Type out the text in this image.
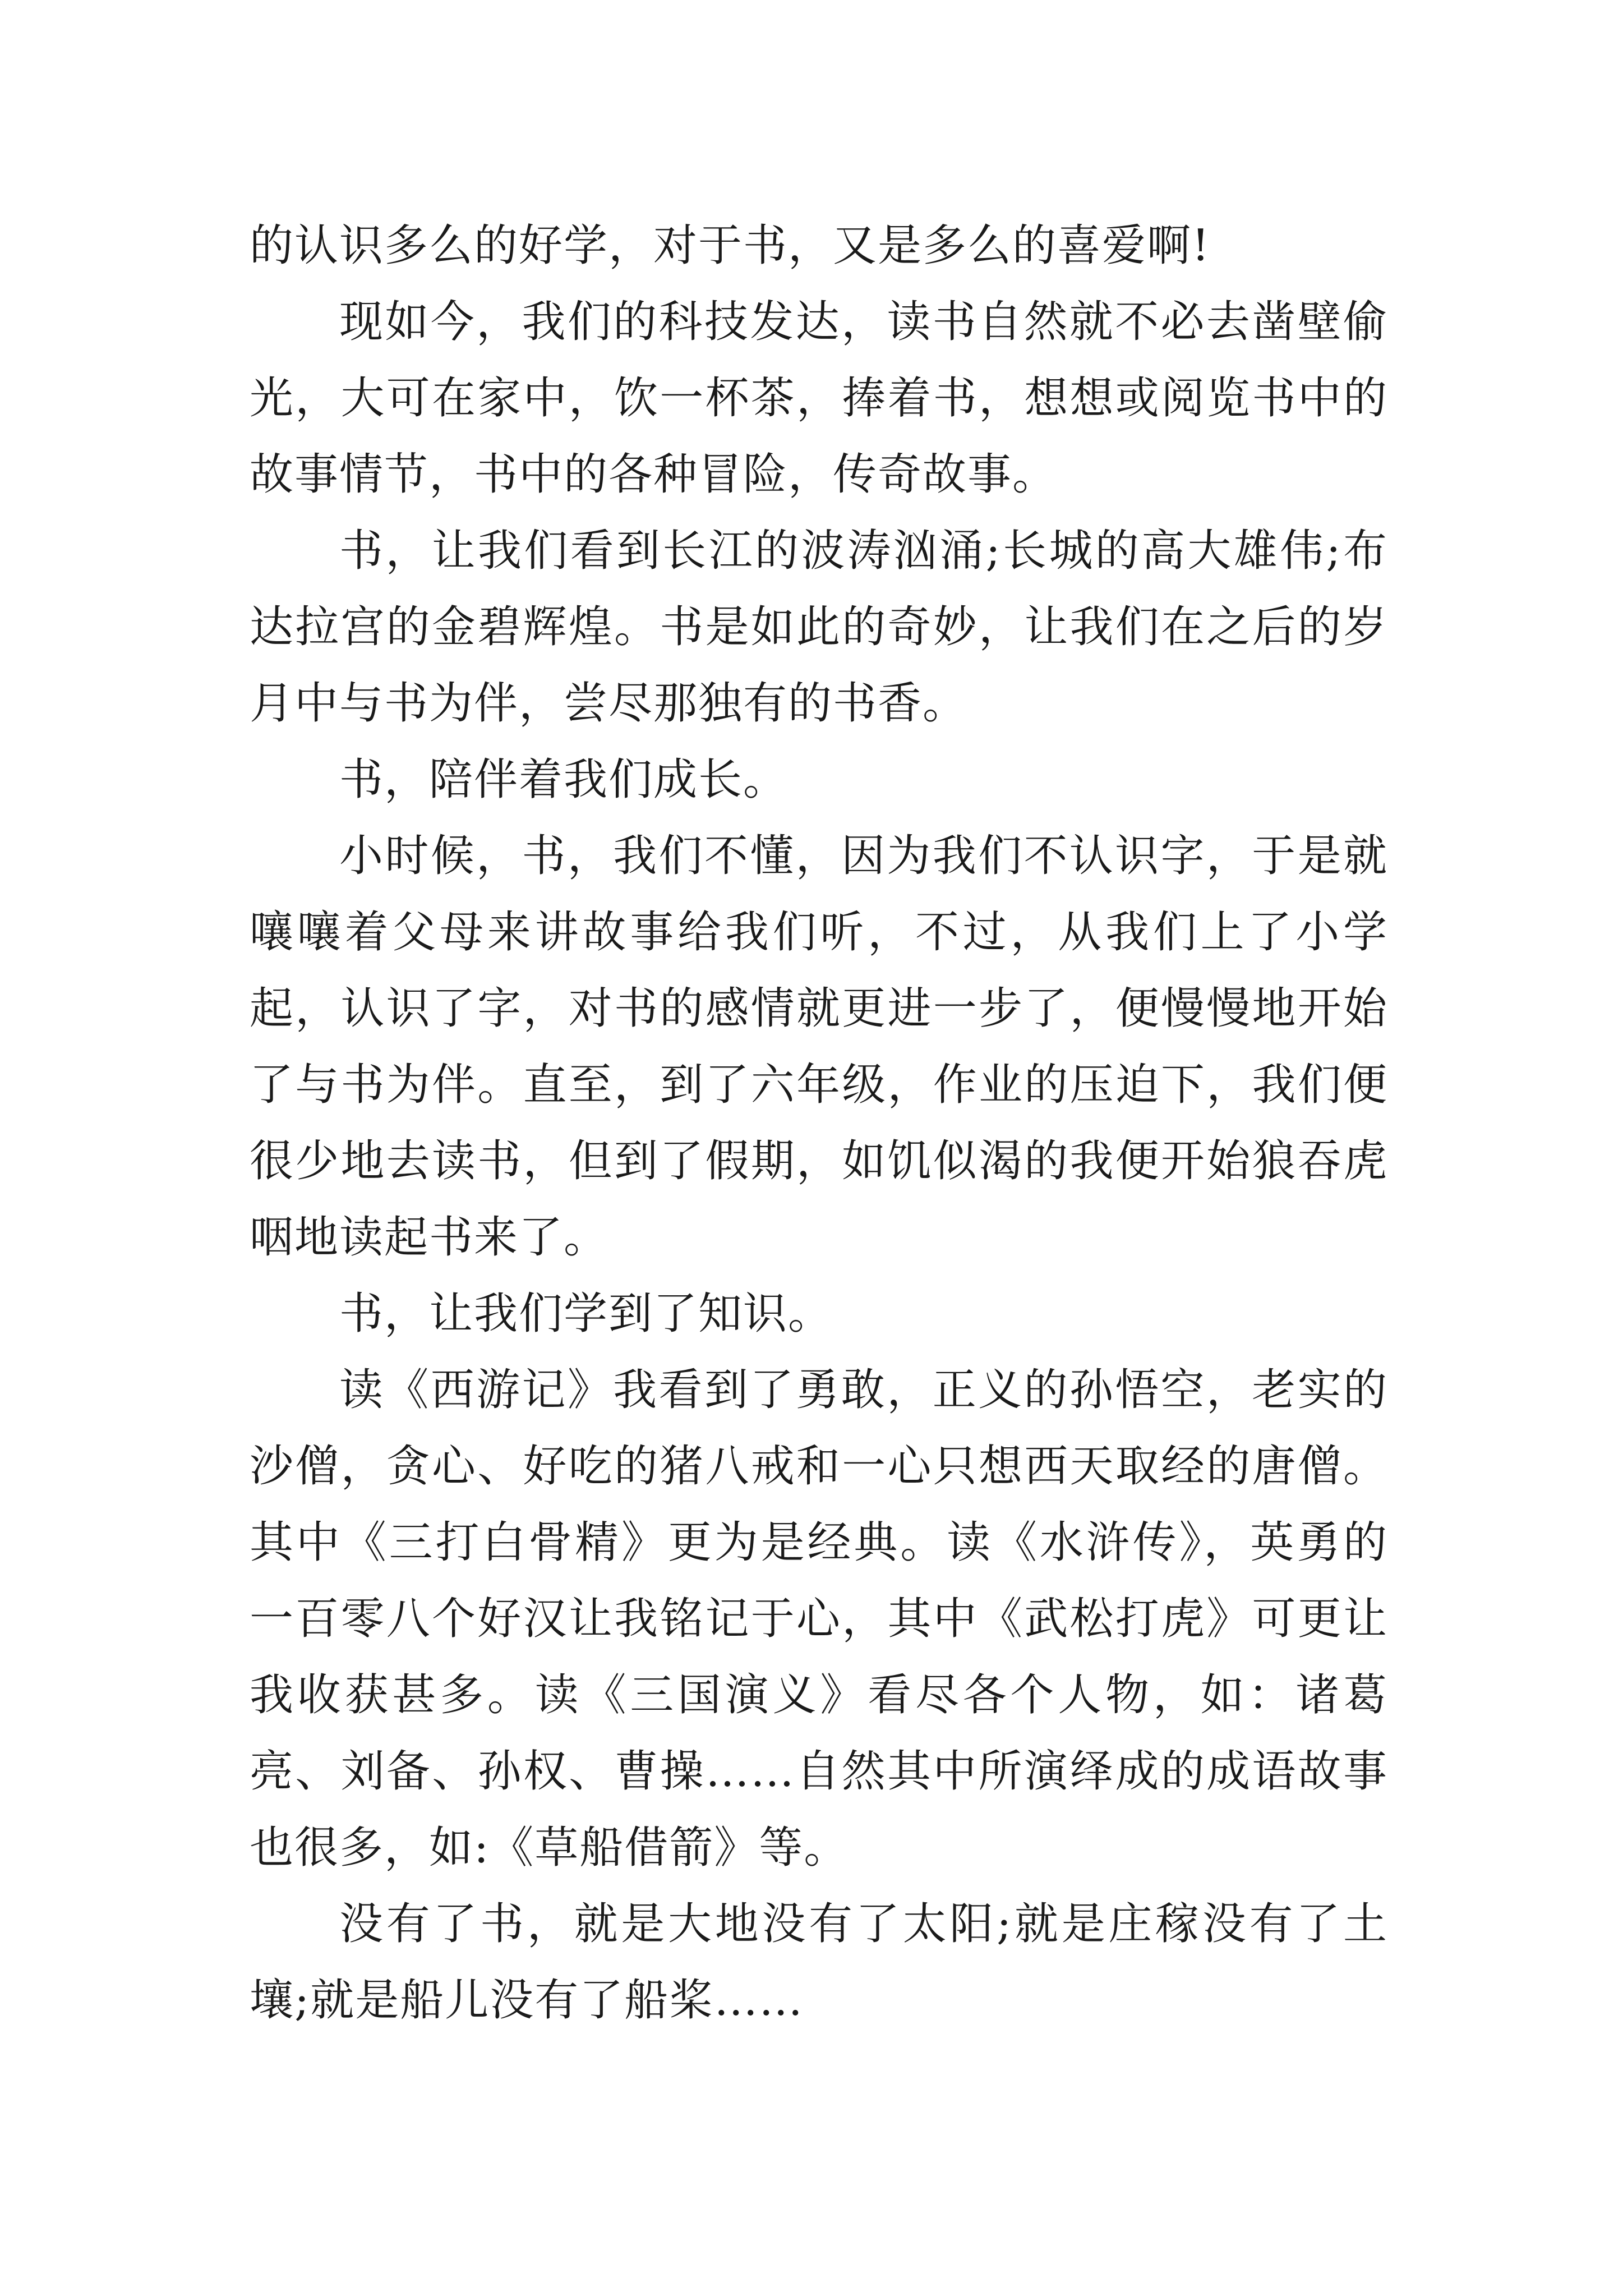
的认识多么的好学，对于书，又是多么的喜爱啊!

现如今，我们的科技发达，读书自然就不必去凿壁偷光，大可在家中，饮一杯茶，捧着书，想想或阅览书中的故事情节，书中的各种冒险，传奇故事。

书，让我们看到长江的波涛汹涌;长城的高大雄伟;布达拉宫的金碧辉煌。书是如此的奇妙，让我们在之后的岁月中与书为伴，尝尽那独有的书香。

书，陪伴着我们成长。

小时候，书，我们不懂，因为我们不认识字，于是就嚷嚷着父母来讲故事给我们听，不过，从我们上了小学起，认识了字，对书的感情就更进一步了，便慢慢地开始了与书为伴。直至，到了六年级，作业的压迫下，我们便很少地去读书，但到了假期，如饥似渴的我便开始狼吞虎咽地读起书来了。

书，让我们学到了知识。

读《西游记》我看到了勇敢，正义的孙悟空，老实的沙僧，贪心、好吃的猪八戒和一心只想西天取经的唐僧。其中《三打白骨精》更为是经典。读《水浒传》，英勇的一百零八个好汉让我铭记于心，其中《武松打虎》可更让我收获甚多。读《三国演义》看尽各个人物，如：诸葛亮、刘备、孙权、曹操……自然其中所演绎成的成语故事也很多，如:《草船借箭》等。

没有了书，就是大地没有了太阳;就是庄稼没有了土壤;就是船儿没有了船桨……
